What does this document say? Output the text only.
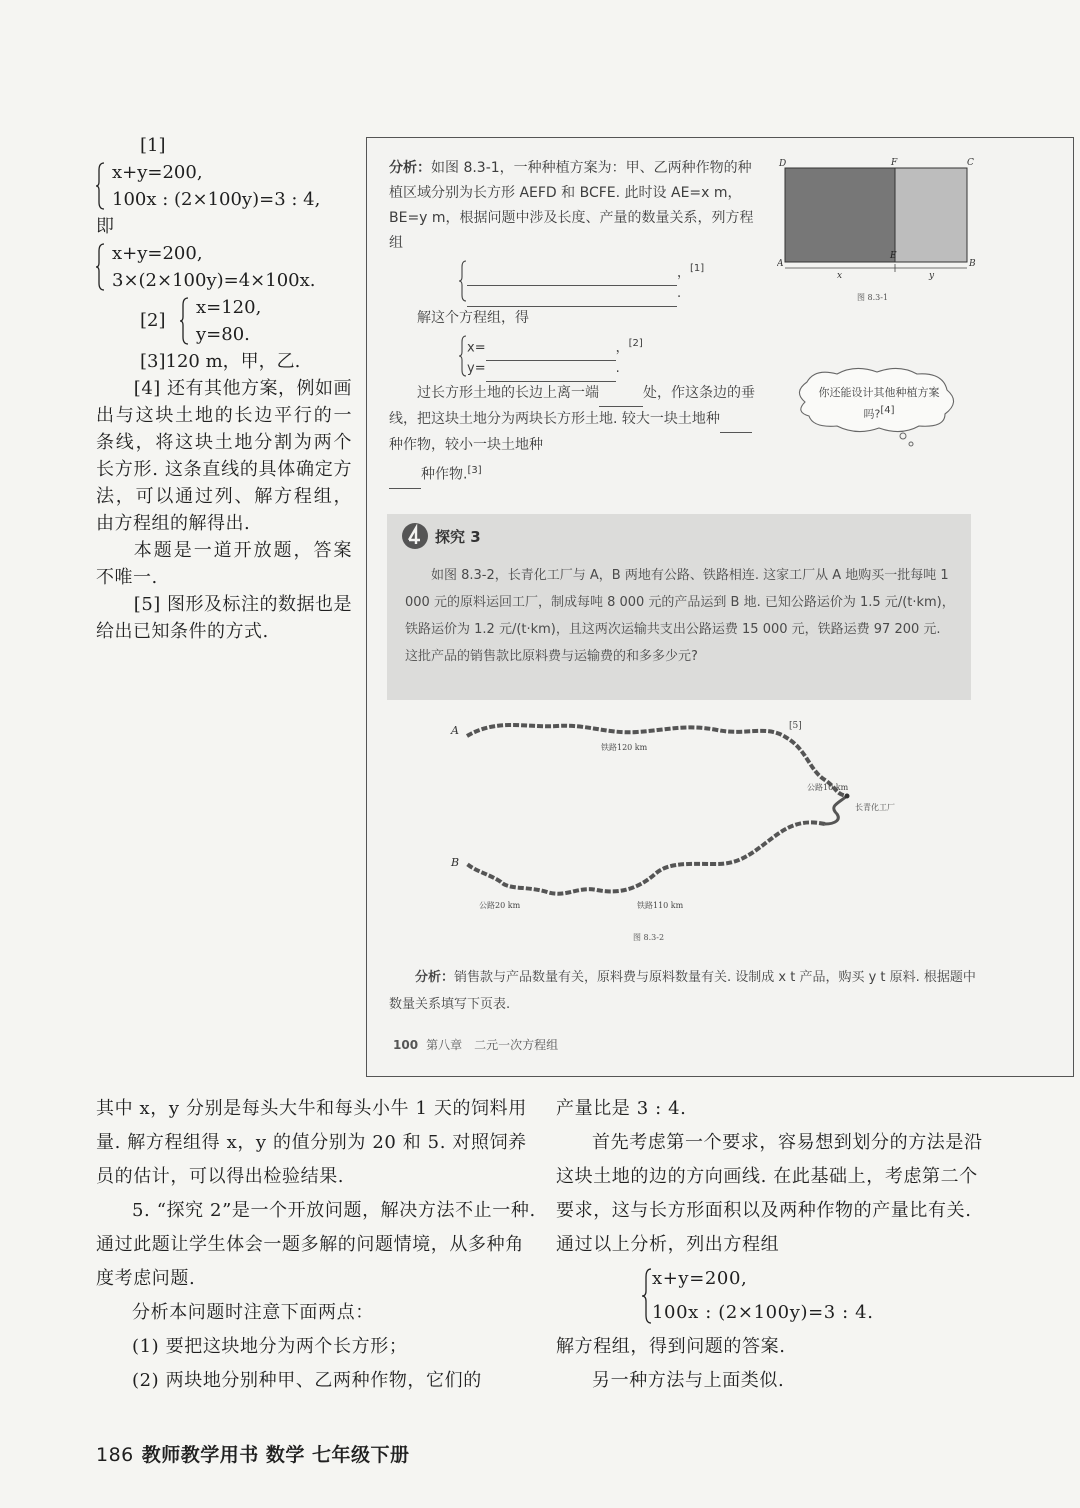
[1]
x+y=200,
100x : (2×100y)=3 : 4,
即
x+y=200,
3×(2×100y)=4×100x.
[2]
x=120,
y=80.
[3]120 m，甲，乙.
[4] 还有其他方案，例如画出与这块土地的长边平行的一条线，将这块土地分割为两个长方形. 这条直线的具体确定方法，可以通过列、解方程组，由方程组的解得出.
本题是一道开放题，答案不唯一.
[5] 图形及标注的数据也是给出已知条件的方式.
分析：如图 8.3-1，一种种植方案为：甲、乙两种作物的种植区域分别为长方形 AEFD 和 BCFE. 此时设 AE=x m，BE=y m，根据问题中涉及长度、产量的数量关系，列方程组
，[1]
.
解这个方程组，得
x=	，[2]
y=	.
过长方形土地的长边上离一端	处，作这条边的垂线，把这块土地分为两块长方形土地. 较大一块土地种 种作物，较小一块土地种
种作物.[3]
D	F	C
A
E
B
x	y
图 8.3-1
你还能设计其他种植方案吗?[4]
探究 3
如图 8.3-2，长青化工厂与 A，B 两地有公路、铁路相连. 这家工厂从 A 地购买一批每吨 1 000 元的原料运回工厂，制成每吨 8 000 元的产品运到 B 地. 已知公路运价为 1.5 元/(t·km)，铁路运价为 1.2 元/(t·km)，且这两次运输共支出公路运费 15 000 元，铁路运费 97 200 元. 这批产品的销售款比原料费与运输费的和多多少元?
A
B
铁路120 km
公路10 km
长青化工厂
公路20 km	铁路110 km
[5]
图 8.3-2
分析：销售款与产品数量有关，原料费与原料数量有关. 设制成 x t 产品，购买 y t 原料. 根据题中数量关系填写下页表.
100 第八章　二元一次方程组
其中 x，y 分别是每头大牛和每头小牛 1 天的饲料用量. 解方程组得 x，y 的值分别为 20 和 5. 对照饲养员的估计，可以得出检验结果.
5. “探究 2”是一个开放问题，解决方法不止一种. 通过此题让学生体会一题多解的问题情境，从多种角度考虑问题.
分析本问题时注意下面两点：
(1) 要把这块地分为两个长方形；
(2) 两块地分别种甲、乙两种作物，它们的
产量比是 3 : 4.
首先考虑第一个要求，容易想到划分的方法是沿这块土地的边的方向画线. 在此基础上，考虑第二个要求，这与长方形面积以及两种作物的产量比有关. 通过以上分析，列出方程组
x+y=200,
100x : (2×100y)=3 : 4.
解方程组，得到问题的答案.
另一种方法与上面类似.
186 教师教学用书 数学 七年级下册
